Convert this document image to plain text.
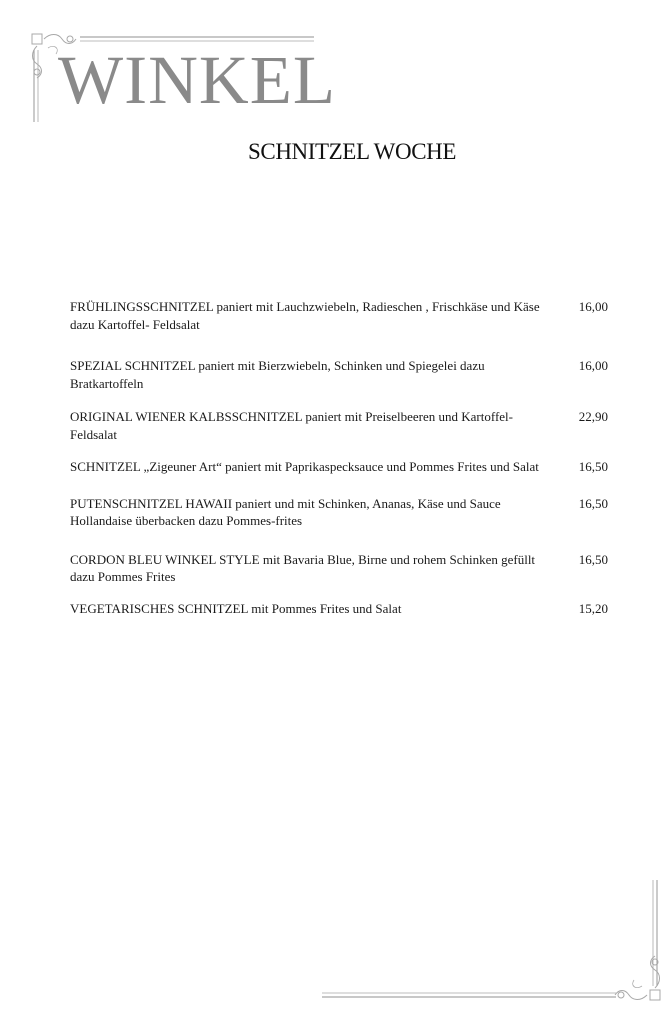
WINKEL
SCHNITZEL WOCHE
FRÜHLINGSSCHNITZEL paniert mit Lauchzwiebeln, Radieschen , Frischkäse und Käse dazu Kartoffel- Feldsalat
16,00
SPEZIAL SCHNITZEL paniert mit Bierzwiebeln, Schinken und Spiegelei dazu Bratkartoffeln
16,00
ORIGINAL WIENER KALBSSCHNITZEL paniert mit Preiselbeeren und Kartoffel- Feldsalat
22,90
SCHNITZEL „Zigeuner Art“ paniert mit Paprikaspecksauce und Pommes Frites und Salat	16,50
PUTENSCHNITZEL HAWAII paniert und mit Schinken, Ananas, Käse und Sauce Hollandaise überbacken dazu Pommes-frites
16,50
CORDON BLEU WINKEL STYLE mit Bavaria Blue, Birne und rohem Schinken gefüllt dazu Pommes Frites
16,50
VEGETARISCHES SCHNITZEL mit Pommes Frites und Salat	15,20
